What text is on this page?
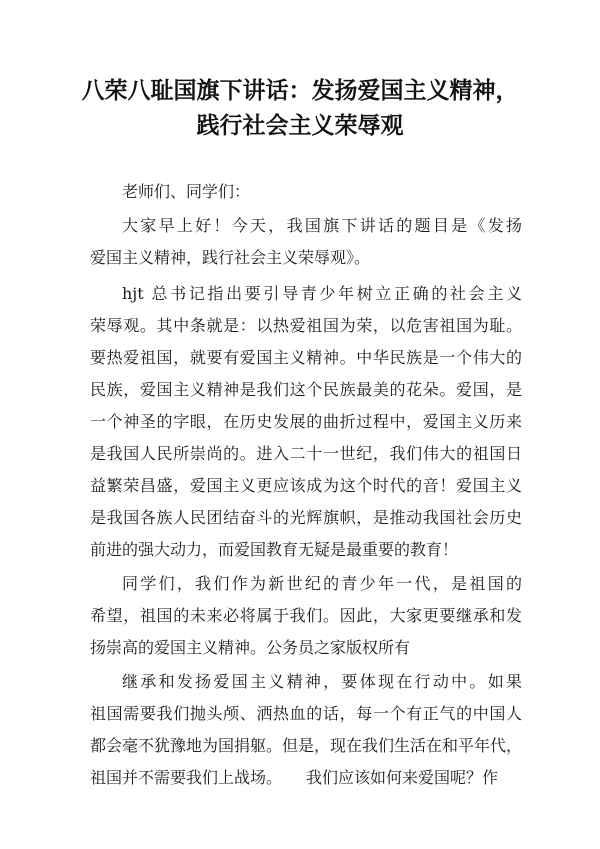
八荣八耻国旗下讲话：发扬爱国主义精神，
践行社会主义荣辱观
老师们、同学们：
大家早上好！今天，我国旗下讲话的题目是《发扬
爱国主义精神，践行社会主义荣辱观》。
hjt 总书记指出要引导青少年树立正确的社会主义
荣辱观。其中条就是：以热爱祖国为荣，以危害祖国为耻。
要热爱祖国，就要有爱国主义精神。中华民族是一个伟大的
民族，爱国主义精神是我们这个民族最美的花朵。爱国，是
一个神圣的字眼，在历史发展的曲折过程中，爱国主义历来
是我国人民所崇尚的。进入二十一世纪，我们伟大的祖国日
益繁荣昌盛，爱国主义更应该成为这个时代的音！爱国主义
是我国各族人民团结奋斗的光辉旗帜，是推动我国社会历史
前进的强大动力，而爱国教育无疑是最重要的教育！
同学们，我们作为新世纪的青少年一代，是祖国的
希望，祖国的未来必将属于我们。因此，大家更要继承和发
扬崇高的爱国主义精神。公务员之家版权所有
继承和发扬爱国主义精神，要体现在行动中。如果
祖国需要我们抛头颅、洒热血的话，每一个有正气的中国人
都会毫不犹豫地为国捐躯。但是，现在我们生活在和平年代，
祖国并不需要我们上战场。　　我们应该如何来爱国呢？作
